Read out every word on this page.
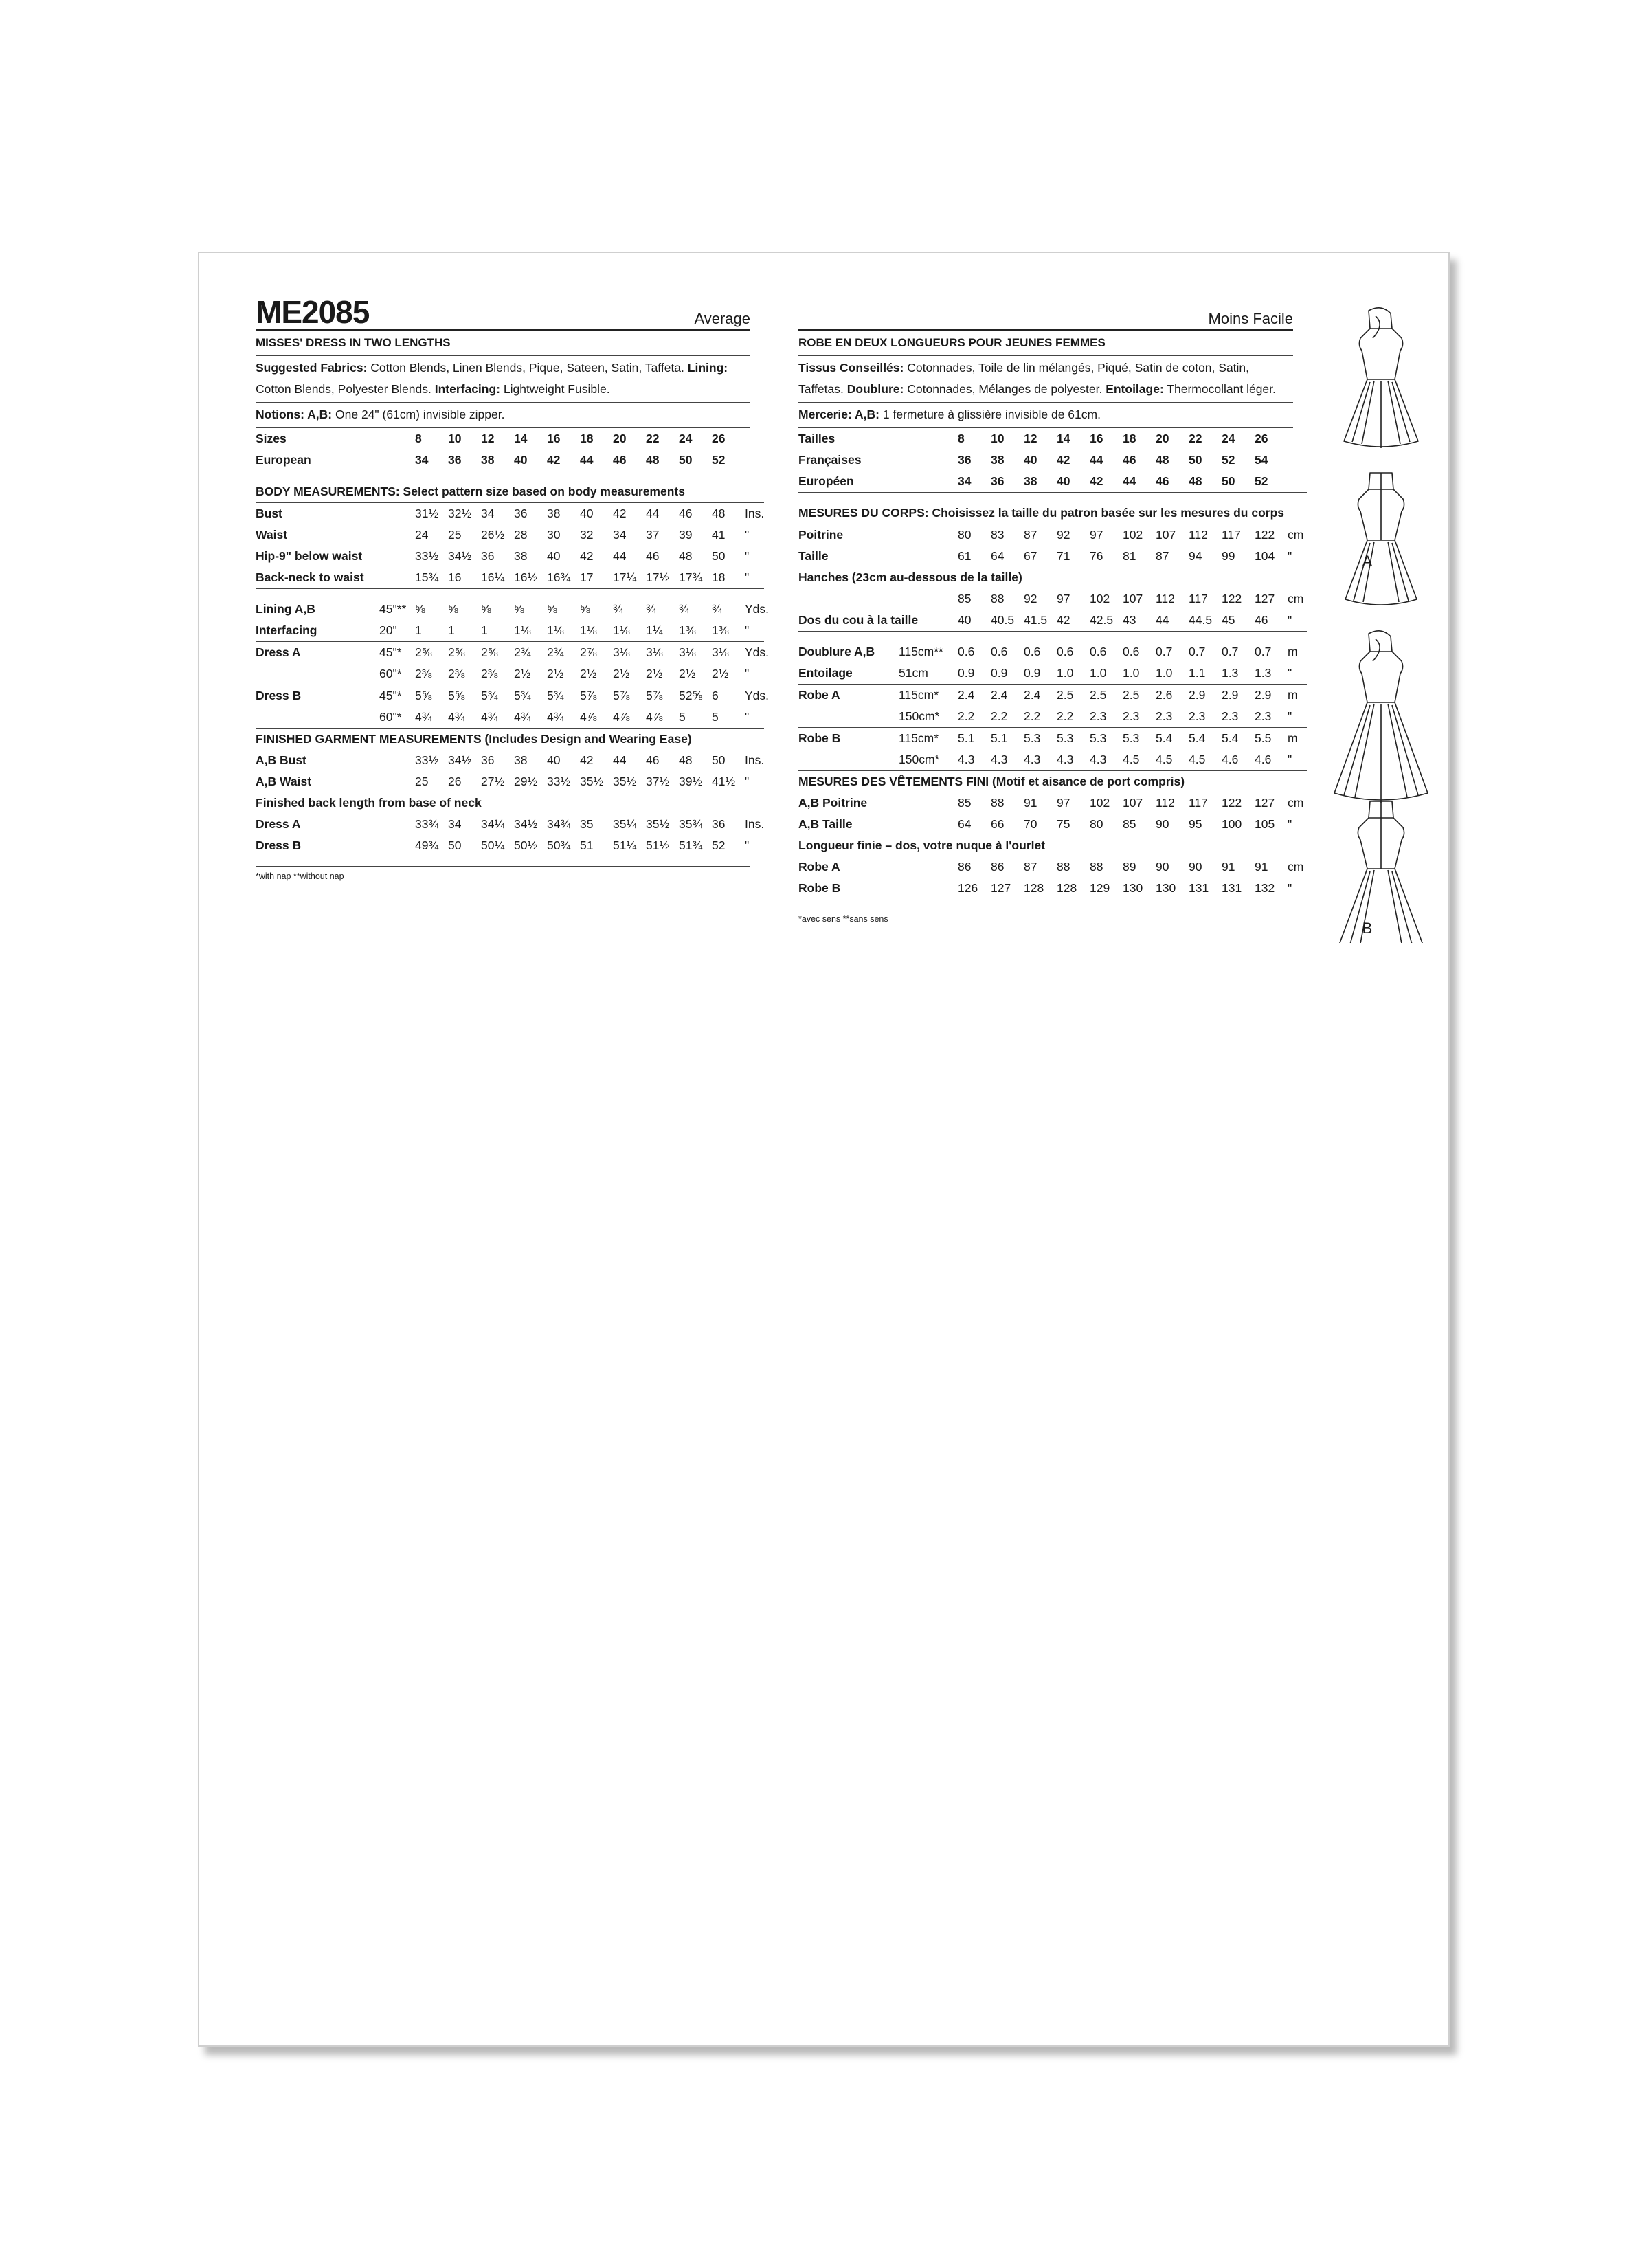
ME2085	Average
MISSES' DRESS IN TWO LENGTHS
Suggested Fabrics: Cotton Blends, Linen Blends, Pique, Sateen, Satin, Taffeta. Lining: Cotton Blends, Polyester Blends. Interfacing: Lightweight Fusible.
Notions: A,B: One 24" (61cm) invisible zipper.
Sizes		8	10	12	14	16	18	20	22	24	26	
European		34	36	38	40	42	44	46	48	50	52	

BODY MEASUREMENTS: Select pattern size based on body measurements												
Bust		31½	32½	34	36	38	40	42	44	46	48	Ins.
Waist		24	25	26½	28	30	32	34	37	39	41	"
Hip-9" below waist		33½	34½	36	38	40	42	44	46	48	50	"
Back-neck to waist		15¾	16	16¼	16½	16¾	17	17¼	17½	17¾	18	"

Lining A,B	45"**	⅝	⅝	⅝	⅝	⅝	⅝	¾	¾	¾	¾	Yds.
Interfacing	20"	1	1	1	1⅛	1⅛	1⅛	1⅛	1¼	1⅜	1⅜	"
Dress A	45"*	2⅝	2⅝	2⅝	2¾	2¾	2⅞	3⅛	3⅛	3⅛	3⅛	Yds.
	60"*	2⅜	2⅜	2⅜	2½	2½	2½	2½	2½	2½	2½	"
Dress B	45"*	5⅝	5⅝	5¾	5¾	5¾	5⅞	5⅞	5⅞	52⅝	6	Yds.
	60"*	4¾	4¾	4¾	4¾	4¾	4⅞	4⅞	4⅞	5	5	"
FINISHED GARMENT MEASUREMENTS (Includes Design and Wearing Ease)												
A,B Bust		33½	34½	36	38	40	42	44	46	48	50	Ins.
A,B Waist		25	26	27½	29½	33½	35½	35½	37½	39½	41½	"
Finished back length from base of neck												
Dress A		33¾	34	34¼	34½	34¾	35	35¼	35½	35¾	36	Ins.
Dress B		49¾	50	50¼	50½	50¾	51	51¼	51½	51¾	52	"

*with nap **without nap
Moins Facile
ROBE EN DEUX LONGUEURS POUR JEUNES FEMMES
Tissus Conseillés: Cotonnades, Toile de lin mélangés, Piqué, Satin de coton, Satin, Taffetas. Doublure: Cotonnades, Mélanges de polyester. Entoilage: Thermocollant léger.
Mercerie: A,B: 1 fermeture à glissière invisible de 61cm.
Tailles		8	10	12	14	16	18	20	22	24	26	
Françaises		36	38	40	42	44	46	48	50	52	54	
Européen		34	36	38	40	42	44	46	48	50	52	

MESURES DU CORPS: Choisissez la taille du patron basée sur les mesures du corps												
Poitrine		80	83	87	92	97	102	107	112	117	122	cm
Taille		61	64	67	71	76	81	87	94	99	104	"
Hanches (23cm au-dessous de la taille)												
		85	88	92	97	102	107	112	117	122	127	cm
Dos du cou à la taille		40	40.5	41.5	42	42.5	43	44	44.5	45	46	"

Doublure A,B	115cm**	0.6	0.6	0.6	0.6	0.6	0.6	0.7	0.7	0.7	0.7	m
Entoilage	51cm	0.9	0.9	0.9	1.0	1.0	1.0	1.0	1.1	1.3	1.3	"
Robe A	115cm*	2.4	2.4	2.4	2.5	2.5	2.5	2.6	2.9	2.9	2.9	m
	150cm*	2.2	2.2	2.2	2.2	2.3	2.3	2.3	2.3	2.3	2.3	"
Robe B	115cm*	5.1	5.1	5.3	5.3	5.3	5.3	5.4	5.4	5.4	5.5	m
	150cm*	4.3	4.3	4.3	4.3	4.3	4.5	4.5	4.5	4.6	4.6	"
MESURES DES VÊTEMENTS FINI (Motif et aisance de port compris)												
A,B Poitrine		85	88	91	97	102	107	112	117	122	127	cm
A,B Taille		64	66	70	75	80	85	90	95	100	105	"
Longueur finie – dos, votre nuque à l'ourlet												
Robe A		86	86	87	88	88	89	90	90	91	91	cm
Robe B		126	127	128	128	129	130	130	131	131	132	"

*avec sens **sans sens
A
B
